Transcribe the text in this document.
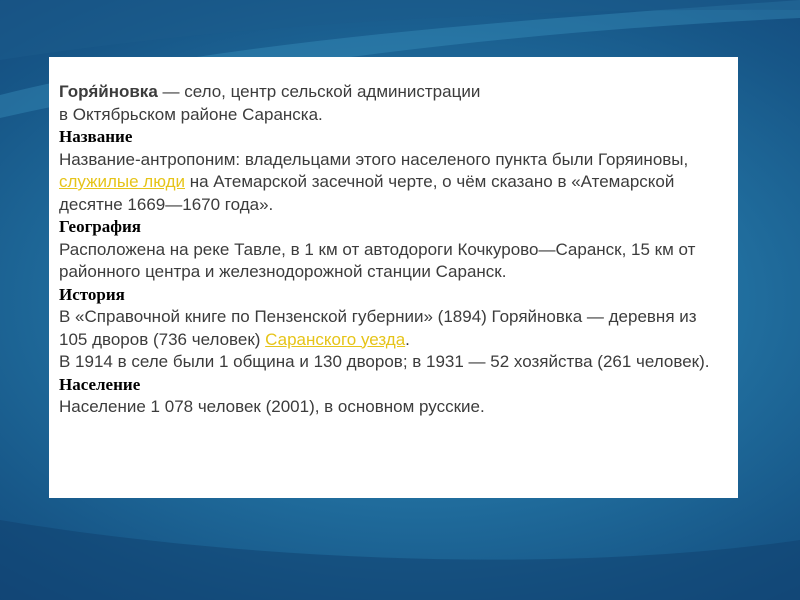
Горя́йновка — село, центр сельской администрации
в Октябрьском районе Саранска.

Название

Название-антропоним: владельцами этого населеного пункта были Горяиновы, служилые люди на Атемарской засечной черте, о чём сказано в «Атемарской десятне 1669—1670 года».

География

Расположена на реке Тавле, в 1 км от автодороги Кочкурово—Саранск, 15 км от районного центра и железнодорожной станции Саранск.

История

В «Справочной книге по Пензенской губернии» (1894) Горяйновка — деревня из 105 дворов (736 человек) Саранского уезда.

В 1914 в селе были 1 община и 130 дворов; в 1931 — 52 хозяйства (261 человек).

Население

Население 1 078 человек (2001), в основном русские.
